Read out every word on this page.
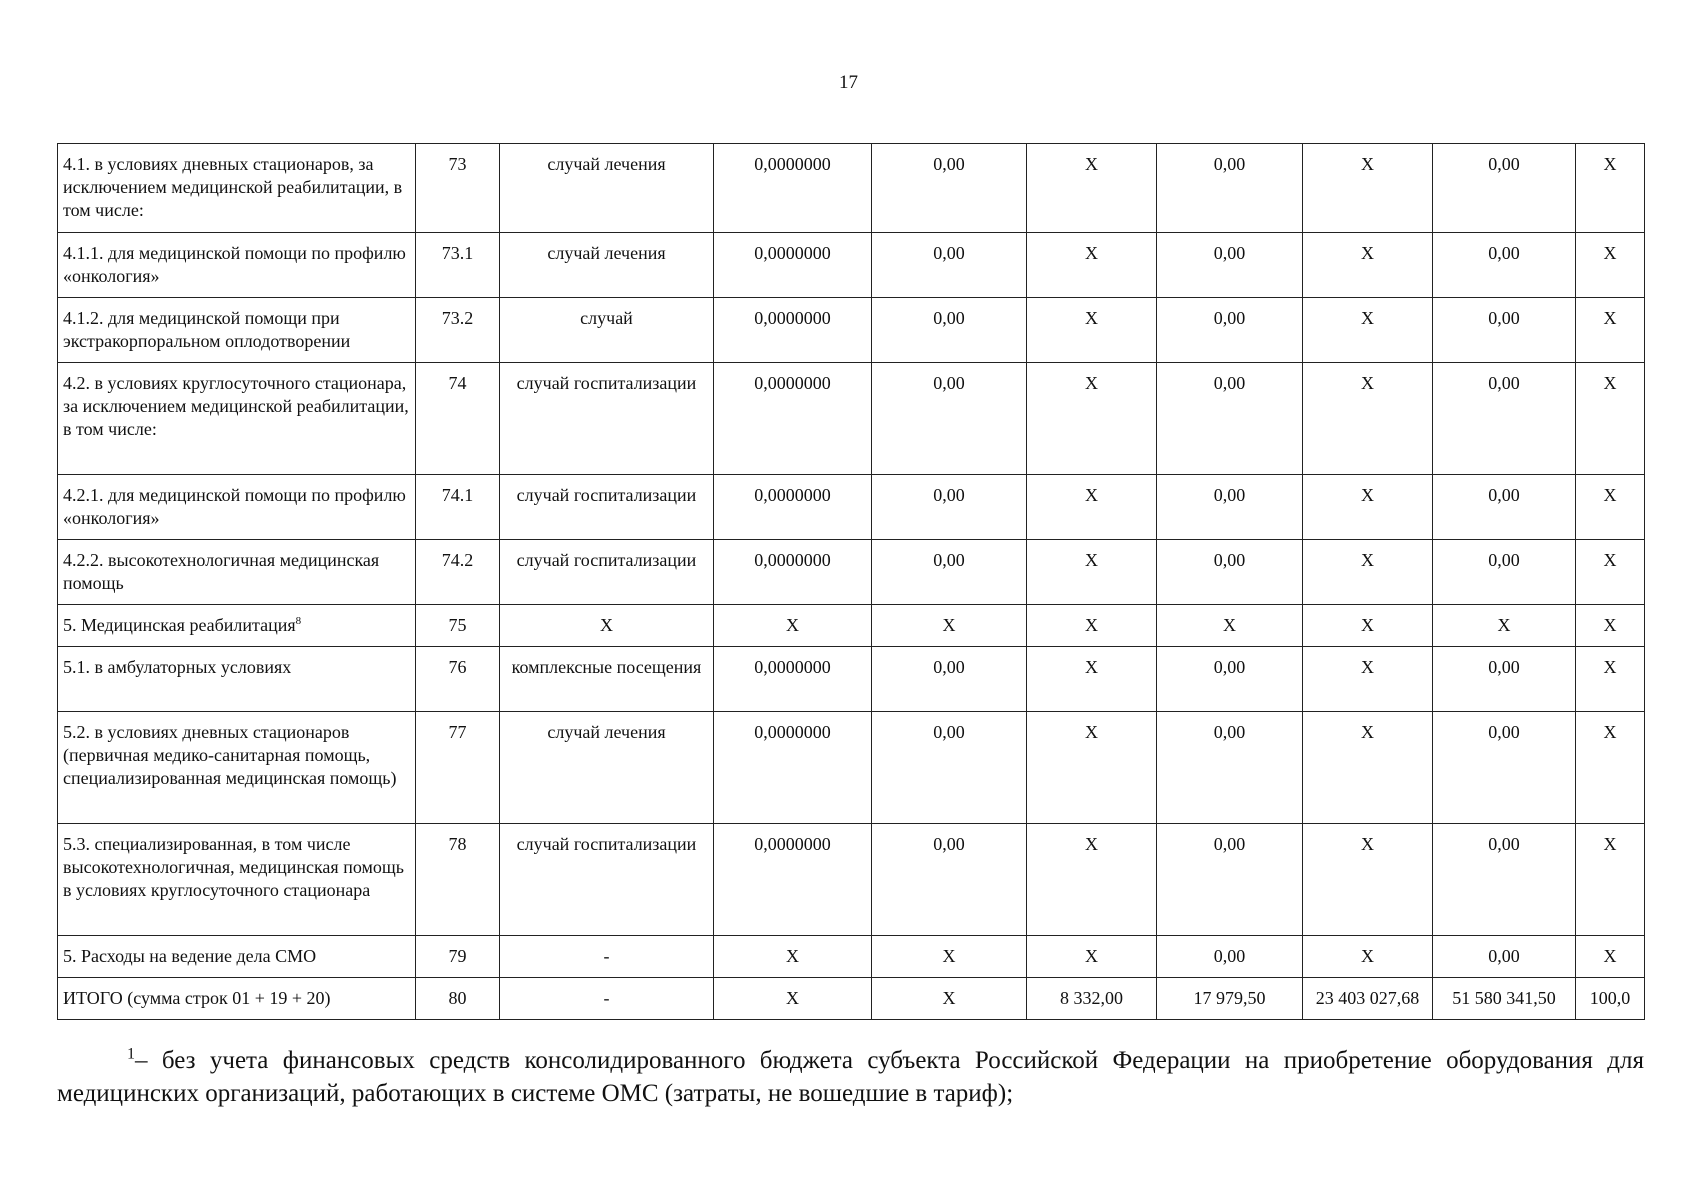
17
4.1. в условиях дневных стационаров, за исключением медицинской реабилитации, в том числе:	73	случай лечения	0,0000000	0,00	X	0,00	X	0,00	X
4.1.1. для медицинской помощи по профилю «онкология»	73.1	случай лечения	0,0000000	0,00	X	0,00	X	0,00	X
4.1.2. для медицинской помощи при экстракорпоральном оплодотворении	73.2	случай	0,0000000	0,00	X	0,00	X	0,00	X
4.2. в условиях круглосуточного стационара, за исключением медицинской реабилитации, в том числе:	74	случай госпитализации	0,0000000	0,00	X	0,00	X	0,00	X
4.2.1. для медицинской помощи по профилю «онкология»	74.1	случай госпитализации	0,0000000	0,00	X	0,00	X	0,00	X
4.2.2. высокотехнологичная медицинская помощь	74.2	случай госпитализации	0,0000000	0,00	X	0,00	X	0,00	X
5. Медицинская реабилитация$^8$	75	X	X	X	X	X	X	X	X
5.1. в амбулаторных условиях	76	комплексные посещения	0,0000000	0,00	X	0,00	X	0,00	X
5.2. в условиях дневных стационаров (первичная медико-санитарная помощь, специализированная медицинская помощь)	77	случай лечения	0,0000000	0,00	X	0,00	X	0,00	X
5.3. специализированная, в том числе высокотехнологичная, медицинская помощь в условиях круглосуточного стационара	78	случай госпитализации	0,0000000	0,00	X	0,00	X	0,00	X
5. Расходы на ведение дела СМО	79	-	X	X	X	0,00	X	0,00	X
ИТОГО (сумма строк 01 + 19 + 20)	80	-	X	X	8 332,00	17 979,50	23 403 027,68	51 580 341,50	100,0
$^1$– без учета финансовых средств консолидированного бюджета субъекта Российской Федерации на приобретение оборудования для медицинских организаций, работающих в системе ОМС (затраты, не вошедшие в тариф);
